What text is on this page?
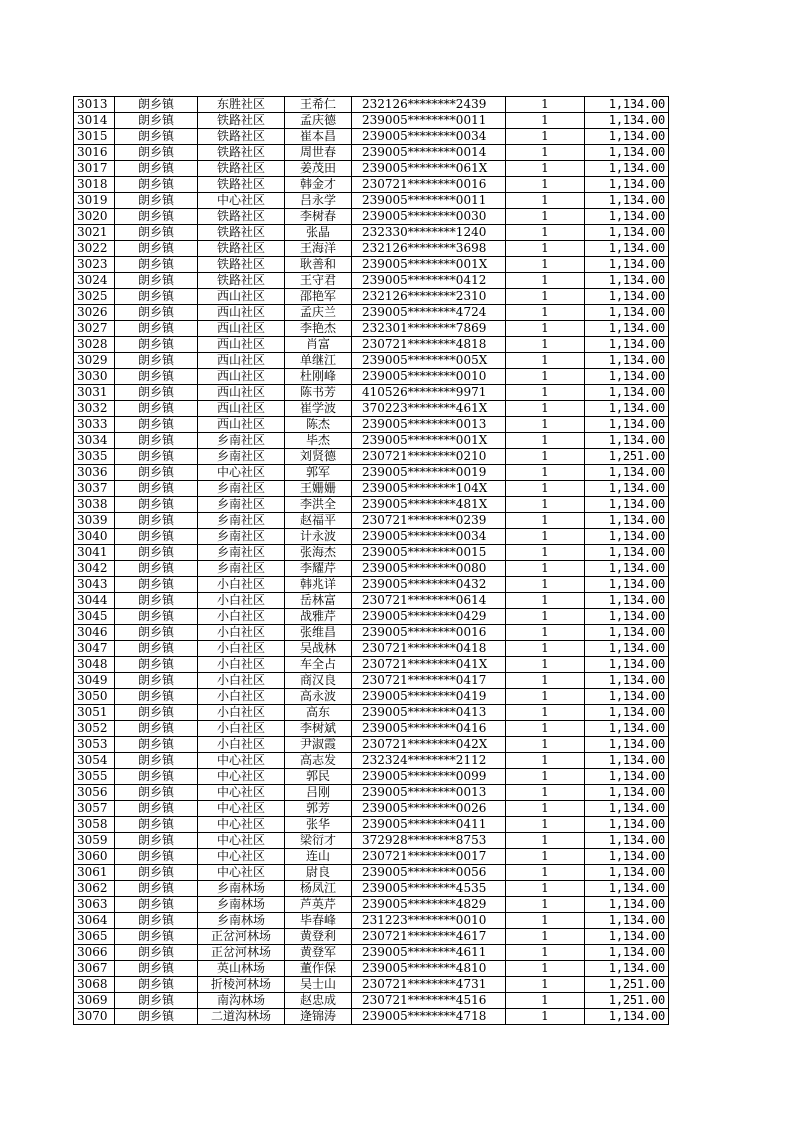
3013	朗乡镇	东胜社区	王希仁	232126********2439	1	1,134.00
3014	朗乡镇	铁路社区	孟庆德	239005********0011	1	1,134.00
3015	朗乡镇	铁路社区	崔本昌	239005********0034	1	1,134.00
3016	朗乡镇	铁路社区	周世春	239005********0014	1	1,134.00
3017	朗乡镇	铁路社区	姜茂田	239005********061X	1	1,134.00
3018	朗乡镇	铁路社区	韩金才	230721********0016	1	1,134.00
3019	朗乡镇	中心社区	吕永学	239005********0011	1	1,134.00
3020	朗乡镇	铁路社区	李树春	239005********0030	1	1,134.00
3021	朗乡镇	铁路社区	张晶	232330********1240	1	1,134.00
3022	朗乡镇	铁路社区	王海洋	232126********3698	1	1,134.00
3023	朗乡镇	铁路社区	耿善和	239005********001X	1	1,134.00
3024	朗乡镇	铁路社区	王守君	239005********0412	1	1,134.00
3025	朗乡镇	西山社区	邵艳军	232126********2310	1	1,134.00
3026	朗乡镇	西山社区	孟庆兰	239005********4724	1	1,134.00
3027	朗乡镇	西山社区	李艳杰	232301********7869	1	1,134.00
3028	朗乡镇	西山社区	肖富	230721********4818	1	1,134.00
3029	朗乡镇	西山社区	单继江	239005********005X	1	1,134.00
3030	朗乡镇	西山社区	杜刚峰	239005********0010	1	1,134.00
3031	朗乡镇	西山社区	陈书芳	410526********9971	1	1,134.00
3032	朗乡镇	西山社区	崔学波	370223********461X	1	1,134.00
3033	朗乡镇	西山社区	陈杰	239005********0013	1	1,134.00
3034	朗乡镇	乡南社区	毕杰	239005********001X	1	1,134.00
3035	朗乡镇	乡南社区	刘贤德	230721********0210	1	1,251.00
3036	朗乡镇	中心社区	郭军	239005********0019	1	1,134.00
3037	朗乡镇	乡南社区	王姗姗	239005********104X	1	1,134.00
3038	朗乡镇	乡南社区	李洪全	239005********481X	1	1,134.00
3039	朗乡镇	乡南社区	赵福平	230721********0239	1	1,134.00
3040	朗乡镇	乡南社区	计永波	239005********0034	1	1,134.00
3041	朗乡镇	乡南社区	张海杰	239005********0015	1	1,134.00
3042	朗乡镇	乡南社区	李耀芹	239005********0080	1	1,134.00
3043	朗乡镇	小白社区	韩兆详	239005********0432	1	1,134.00
3044	朗乡镇	小白社区	岳林富	230721********0614	1	1,134.00
3045	朗乡镇	小白社区	战雅芹	239005********0429	1	1,134.00
3046	朗乡镇	小白社区	张维昌	239005********0016	1	1,134.00
3047	朗乡镇	小白社区	吴战林	230721********0418	1	1,134.00
3048	朗乡镇	小白社区	车全占	230721********041X	1	1,134.00
3049	朗乡镇	小白社区	商汉良	230721********0417	1	1,134.00
3050	朗乡镇	小白社区	高永波	239005********0419	1	1,134.00
3051	朗乡镇	小白社区	高东	239005********0413	1	1,134.00
3052	朗乡镇	小白社区	李树斌	239005********0416	1	1,134.00
3053	朗乡镇	小白社区	尹淑霞	230721********042X	1	1,134.00
3054	朗乡镇	中心社区	高志发	232324********2112	1	1,134.00
3055	朗乡镇	中心社区	郭民	239005********0099	1	1,134.00
3056	朗乡镇	中心社区	吕刚	239005********0013	1	1,134.00
3057	朗乡镇	中心社区	郭芳	239005********0026	1	1,134.00
3058	朗乡镇	中心社区	张华	239005********0411	1	1,134.00
3059	朗乡镇	中心社区	梁衍才	372928********8753	1	1,134.00
3060	朗乡镇	中心社区	连山	230721********0017	1	1,134.00
3061	朗乡镇	中心社区	尉良	239005********0056	1	1,134.00
3062	朗乡镇	乡南林场	杨凤江	239005********4535	1	1,134.00
3063	朗乡镇	乡南林场	芦英芹	239005********4829	1	1,134.00
3064	朗乡镇	乡南林场	毕春峰	231223********0010	1	1,134.00
3065	朗乡镇	正岔河林场	黄登利	230721********4617	1	1,134.00
3066	朗乡镇	正岔河林场	黄登军	239005********4611	1	1,134.00
3067	朗乡镇	英山林场	董作保	239005********4810	1	1,134.00
3068	朗乡镇	折棱河林场	吴士山	230721********4731	1	1,251.00
3069	朗乡镇	南沟林场	赵忠成	230721********4516	1	1,251.00
3070	朗乡镇	二道沟林场	逄锦涛	239005********4718	1	1,134.00
